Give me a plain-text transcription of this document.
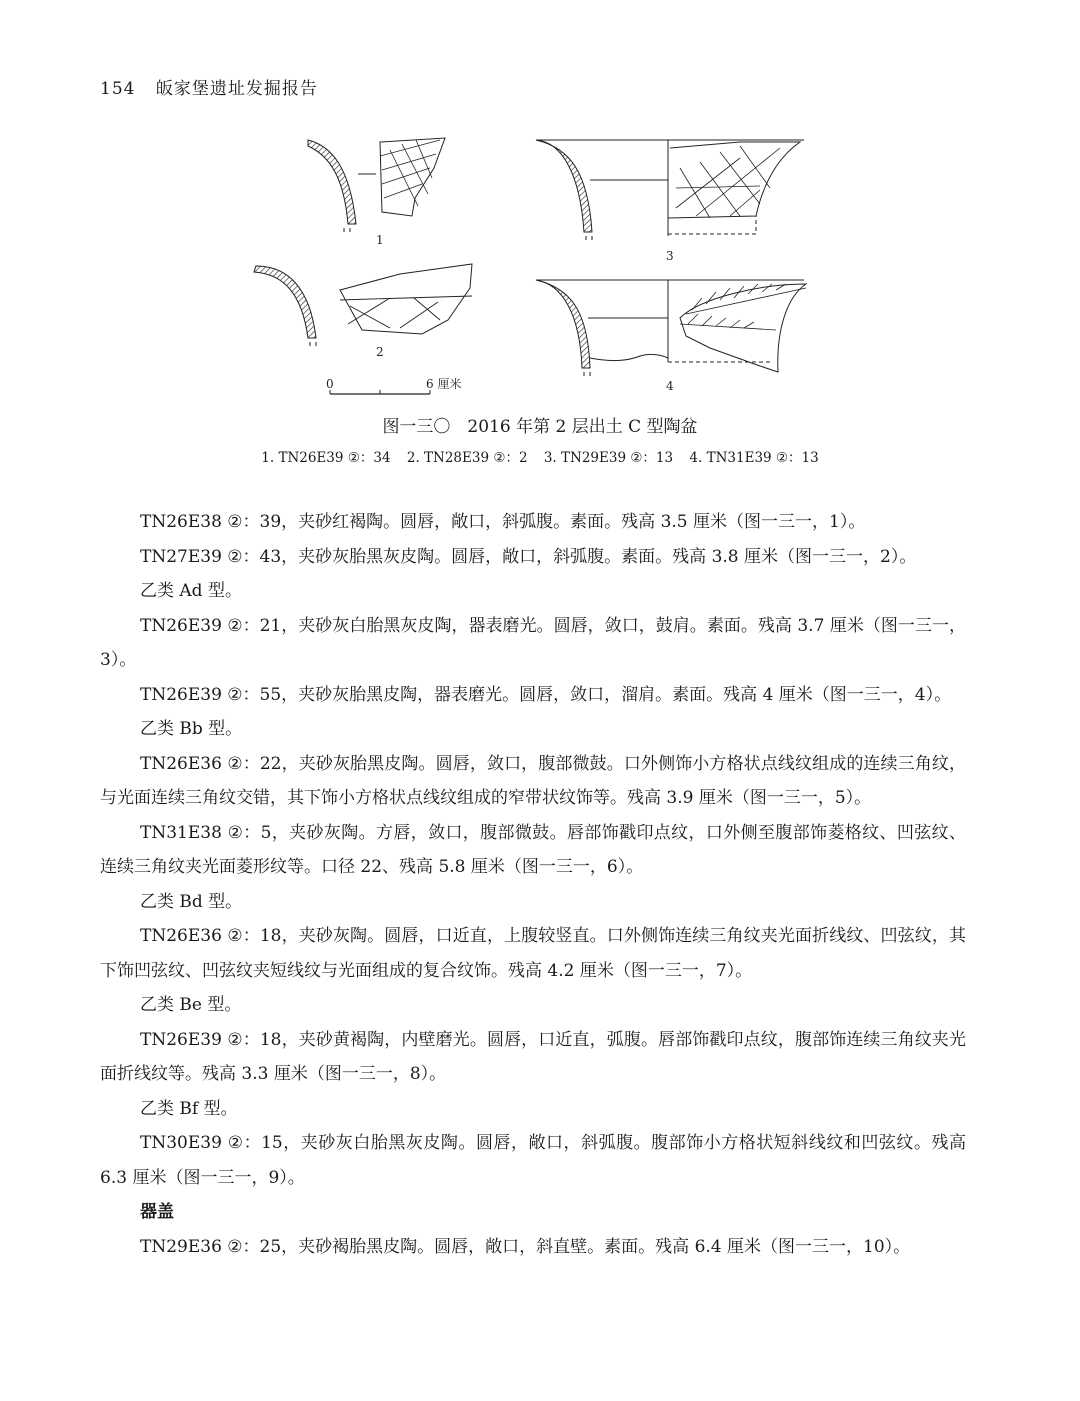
154 皈家堡遗址发掘报告
1
2
3
4
0	6 厘米
图一三〇　2016 年第 2 层出土 C 型陶盆
1. TN26E39 ②：34 2. TN28E39 ②：2 3. TN29E39 ②：13 4. TN31E39 ②：13

TN26E38 ②：39，夹砂红褐陶。圆唇，敞口，斜弧腹。素面。残高 3.5 厘米（图一三一，1）。

TN27E39 ②：43，夹砂灰胎黑灰皮陶。圆唇，敞口，斜弧腹。素面。残高 3.8 厘米（图一三一，2）。

乙类 Ad 型。

TN26E39 ②：21，夹砂灰白胎黑灰皮陶，器表磨光。圆唇，敛口，鼓肩。素面。残高 3.7 厘米（图一三一，3）。

TN26E39 ②：55，夹砂灰胎黑皮陶，器表磨光。圆唇，敛口，溜肩。素面。残高 4 厘米（图一三一，4）。

乙类 Bb 型。

TN26E36 ②：22，夹砂灰胎黑皮陶。圆唇，敛口，腹部微鼓。口外侧饰小方格状点线纹组成的连续三角纹，与光面连续三角纹交错，其下饰小方格状点线纹组成的窄带状纹饰等。残高 3.9 厘米（图一三一，5）。

TN31E38 ②：5，夹砂灰陶。方唇，敛口，腹部微鼓。唇部饰戳印点纹，口外侧至腹部饰菱格纹、凹弦纹、连续三角纹夹光面菱形纹等。口径 22、残高 5.8 厘米（图一三一，6）。

乙类 Bd 型。

TN26E36 ②：18，夹砂灰陶。圆唇，口近直，上腹较竖直。口外侧饰连续三角纹夹光面折线纹、凹弦纹，其下饰凹弦纹、凹弦纹夹短线纹与光面组成的复合纹饰。残高 4.2 厘米（图一三一，7）。

乙类 Be 型。

TN26E39 ②：18，夹砂黄褐陶，内壁磨光。圆唇，口近直，弧腹。唇部饰戳印点纹，腹部饰连续三角纹夹光面折线纹等。残高 3.3 厘米（图一三一，8）。

乙类 Bf 型。

TN30E39 ②：15，夹砂灰白胎黑灰皮陶。圆唇，敞口，斜弧腹。腹部饰小方格状短斜线纹和凹弦纹。残高 6.3 厘米（图一三一，9）。

器盖

TN29E36 ②：25，夹砂褐胎黑皮陶。圆唇，敞口，斜直壁。素面。残高 6.4 厘米（图一三一，10）。
